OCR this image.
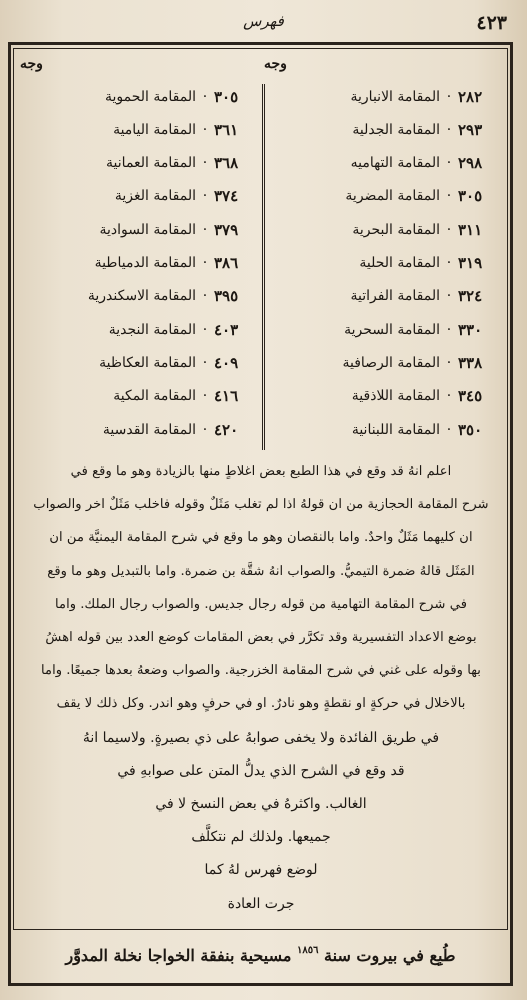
٤٢٣
فهرس
وجه
وجه
المقامة الانبارية · ٢٨٢
المقامة الجدلية · ٢٩٣
المقامة التهاميه · ٢٩٨
المقامة المضرية · ٣٠٥
المقامة البحرية · ٣١١
المقامة الحلية · ٣١٩
المقامة الفراتية · ٣٢٤
المقامة السحرية · ٣٣٠
المقامة الرصافية · ٣٣٨
المقامة اللاذقية · ٣٤٥
المقامة اللبنانية · ٣٥٠
المقامة الحموية · ٣٠٥
المقامة اليامية · ٣٦١
المقامة العمانية · ٣٦٨
المقامة الغزية · ٣٧٤
المقامة السوادية · ٣٧٩
المقامة الدمياطية · ٣٨٦
المقامة الاسكندرية · ٣٩٥
المقامة النجدية · ٤٠٣
المقامة العكاظية · ٤٠٩
المقامة المكية · ٤١٦
المقامة القدسية · ٤٢٠
اعلم انهُ قد وقع في هذا الطبع بعض اغلاطٍ منها بالزيادة وهو ما وقع في
شرح المقامة الحجازية من ان قولهُ اذا لم تغلب مَثَلٌ وقوله فاخلب مَثَلٌ اخر والصواب
ان كليهما مَثَلٌ واحدٌ. واما بالنقصان وهو ما وقع في شرح المقامة اليمنيَّة من ان
المَثَل قالهُ ضمرة التيميُّ. والصواب انهُ شقَّة بن ضمرة. واما بالتبديل وهو ما وقع
في شرح المقامة التهامية من قوله رجال جديس. والصواب رجال الملك. واما
بوضع الاعداد التفسيرية وقد تكرَّر في بعض المقامات كوضع العدد بين قوله اهشُ
بها وقوله على غني في شرح المقامة الخزرجية. والصواب وضعهُ بعدها جميعًا. واما
بالاخلال في حركةٍ او نقطةٍ وهو نادرٌ. او في حرفٍ وهو اندر. وكل ذلك لا يقف
في طريق الفائدة ولا يخفى صوابهُ على ذي بصيرةٍ. ولاسيما انهُ
قد وقع في الشرح الذي يدلُّ المتن على صوابهِ في
الغالب. واكثرهُ في بعض النسخ لا في
جميعها. ولذلك لم نتكلَّف
لوضع فهرس لهُ كما
جرت العادة
طُبِع في بيروت سنة $^{١٨٥٦}$ مسيحية بنفقة الخواجا نخلة المدوَّر
